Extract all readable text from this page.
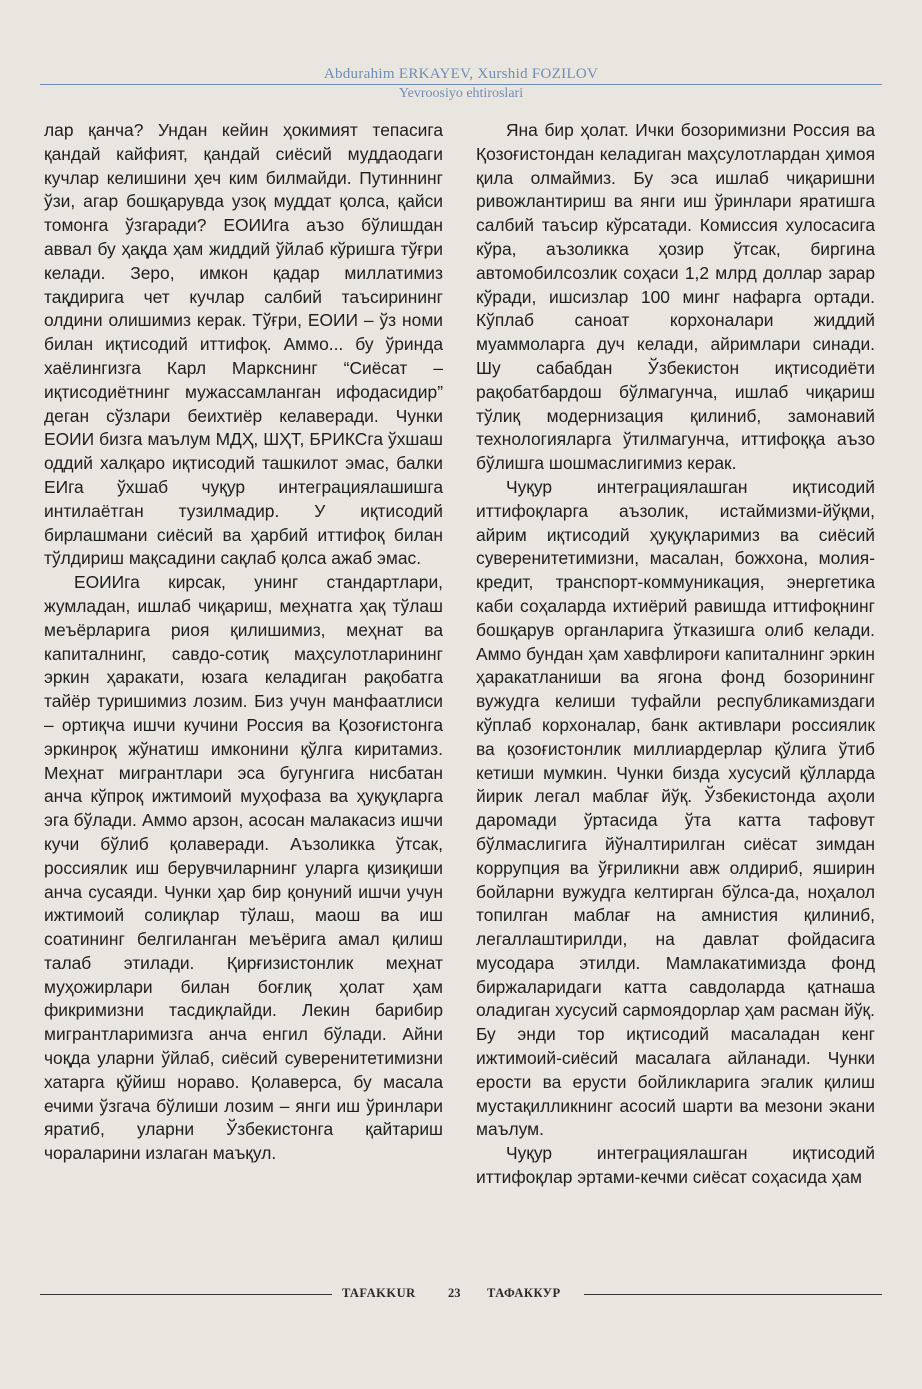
Abdurahim ERKAYEV, Xurshid FOZILOV
Yevroosiyo ehtiroslari

лар қанча? Ундан кейин ҳокимият тепасига қандай кайфият, қандай сиёсий муддаодаги кучлар келишини ҳеч ким билмайди. Путиннинг ўзи, агар бошқарувда узоқ муддат қолса, қайси томонга ўзгаради? ЕОИИга аъзо бўлишдан аввал бу ҳақда ҳам жиддий ўйлаб кўришга тўғри келади. Зеро, имкон қадар миллатимиз тақдирига чет кучлар салбий таъсирининг олдини олишимиз керак. Тўғри, ЕОИИ – ўз номи билан иқтисодий иттифоқ. Аммо... бу ўринда хаёлингизга Карл Маркснинг “Сиёсат – иқтисодиётнинг мужассамланган ифодасидир” деган сўзлари беихтиёр келаверади. Чунки ЕОИИ бизга маълум МДҲ, ШҲТ, БРИКСга ўхшаш оддий халқаро иқтисодий ташкилот эмас, балки ЕИга ўхшаб чуқур интеграциялашишга интилаётган тузилмадир. У иқтисодий бирлашмани сиёсий ва ҳарбий иттифоқ билан тўлдириш мақсадини сақлаб қолса ажаб эмас.

ЕОИИга кирсак, унинг стандартлари, жумладан, ишлаб чиқариш, меҳнатга ҳақ тўлаш меъёрларига риоя қилишимиз, меҳнат ва капиталнинг, савдо-сотиқ маҳсулотларининг эркин ҳаракати, юзага келадиган рақобатга тайёр туришимиз лозим. Биз учун манфаатлиси – ортиқча ишчи кучини Россия ва Қозоғистонга эркинроқ жўнатиш имконини қўлга киритамиз. Меҳнат мигрантлари эса бугунгига нисбатан анча кўпроқ ижтимоий муҳофаза ва ҳуқуқларга эга бўлади. Аммо арзон, асосан малакасиз ишчи кучи бўлиб қолаверади. Аъзоликка ўтсак, россиялик иш берувчиларнинг уларга қизиқиши анча сусаяди. Чунки ҳар бир қонуний ишчи учун ижтимоий солиқлар тўлаш, маош ва иш соатининг белгиланган меъёрига амал қилиш талаб этилади. Қирғизистонлик меҳнат муҳожирлари билан боғлиқ ҳолат ҳам фикримизни тасдиқлайди. Лекин барибир мигрантларимизга анча енгил бўлади. Айни чоқда уларни ўйлаб, сиёсий суверенитетимизни хатарга қўйиш нораво. Қолаверса, бу масала ечими ўзгача бўлиши лозим – янги иш ўринлари яратиб, уларни Ўзбекистонга қайтариш чораларини излаган маъқул.

Яна бир ҳолат. Ички бозоримизни Россия ва Қозоғистондан келадиган маҳсулотлардан ҳимоя қила олмаймиз. Бу эса ишлаб чиқаришни ривожлантириш ва янги иш ўринлари яратишга салбий таъсир кўрсатади. Комиссия хулосасига кўра, аъзоликка ҳозир ўтсак, биргина автомобилсозлик соҳаси 1,2 млрд доллар зарар кўради, ишсизлар 100 минг нафарга ортади. Кўплаб саноат корхоналари жиддий муаммоларга дуч келади, айримлари синади. Шу сабабдан Ўзбекистон иқтисодиёти рақобатбардош бўлмагунча, ишлаб чиқариш тўлиқ модернизация қилиниб, замонавий технологияларга ўтилмагунча, иттифоққа аъзо бўлишга шошмаслигимиз керак.

Чуқур интеграциялашган иқтисодий иттифоқларга аъзолик, истаймизми-йўқми, айрим иқтисодий ҳуқуқларимиз ва сиёсий суверенитетимизни, масалан, божхона, молия-кредит, транспорт-коммуникация, энергетика каби соҳаларда ихтиёрий равишда иттифоқнинг бошқарув органларига ўтказишга олиб келади. Аммо бундан ҳам хавфлироғи капиталнинг эркин ҳаракатланиши ва ягона фонд бозорининг вужудга келиши туфайли республикамиздаги кўплаб корхоналар, банк активлари россиялик ва қозоғистонлик миллиардерлар қўлига ўтиб кетиши мумкин. Чунки бизда хусусий қўлларда йирик легал маблағ йўқ. Ўзбекистонда аҳоли даромади ўртасида ўта катта тафовут бўлмаслигига йўналтирилган сиёсат зимдан коррупция ва ўғриликни авж олдириб, яширин бойларни вужудга келтирган бўлса-да, ноҳалол топилган маблағ на амнистия қилиниб, легаллаштирилди, на давлат фойдасига мусодара этилди. Мамлакатимизда фонд биржаларидаги катта савдоларда қатнаша оладиган хусусий сармоядорлар ҳам расман йўқ. Бу энди тор иқтисодий масаладан кенг ижтимоий-сиёсий масалага айланади. Чунки ерости ва ерусти бойликларига эгалик қилиш мустақилликнинг асосий шарти ва мезони экани маълум.

Чуқур интеграциялашган иқтисодий иттифоқлар эртами-кечми сиёсат соҳасида ҳам

TAFAKKUR	23 ТАФАККУР
